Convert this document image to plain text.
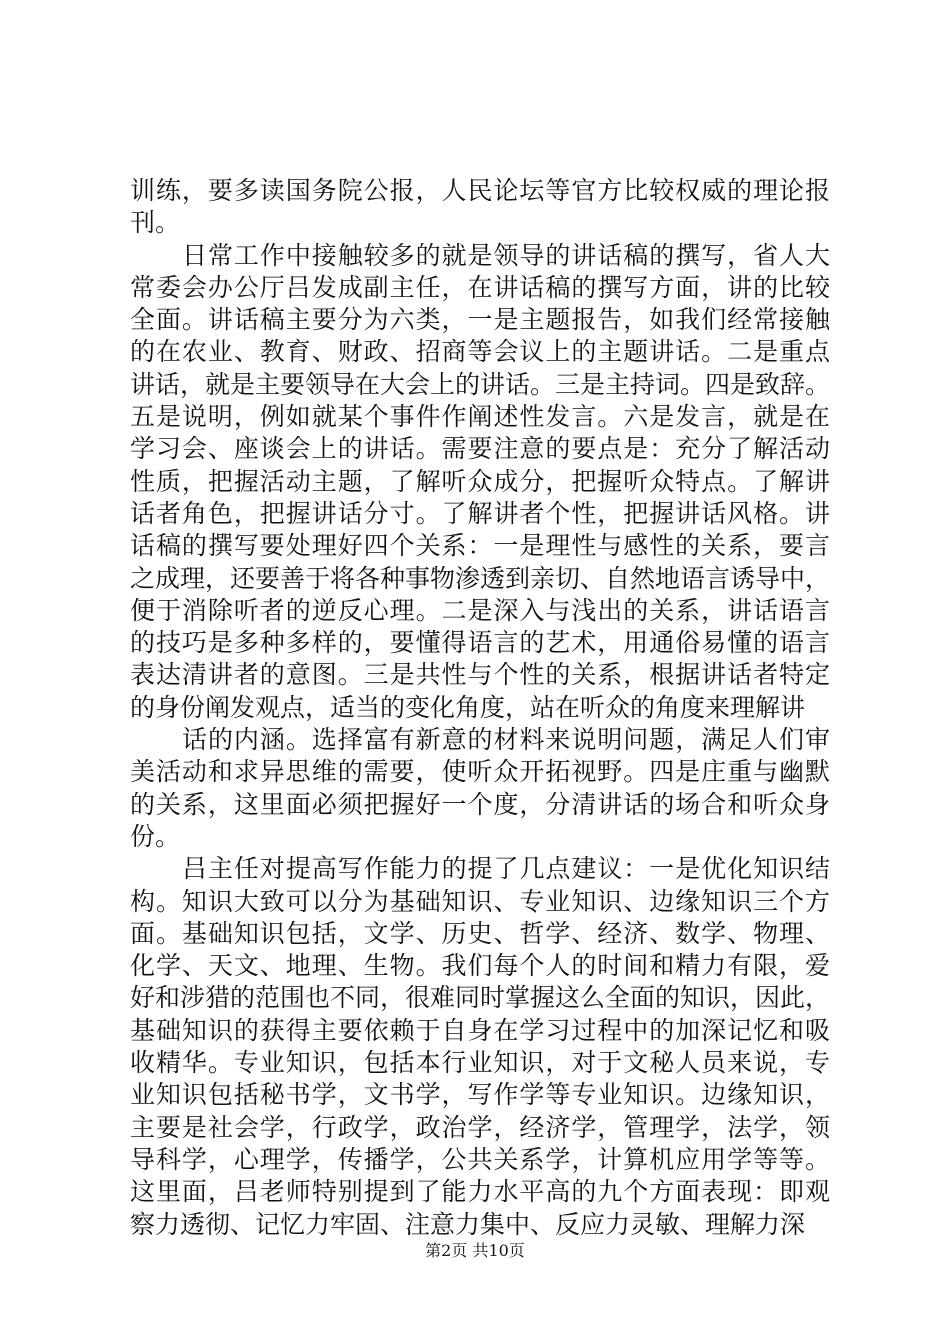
训练，要多读国务院公报，人民论坛等官方比较权威的理论报
刊。
日常工作中接触较多的就是领导的讲话稿的撰写，省人大
常委会办公厅吕发成副主任，在讲话稿的撰写方面，讲的比较
全面。讲话稿主要分为六类，一是主题报告，如我们经常接触
的在农业、教育、财政、招商等会议上的主题讲话。二是重点
讲话，就是主要领导在大会上的讲话。三是主持词。四是致辞。
五是说明，例如就某个事件作阐述性发言。六是发言，就是在
学习会、座谈会上的讲话。需要注意的要点是：充分了解活动
性质，把握活动主题，了解听众成分，把握听众特点。了解讲
话者角色，把握讲话分寸。了解讲者个性，把握讲话风格。讲
话稿的撰写要处理好四个关系：一是理性与感性的关系，要言
之成理，还要善于将各种事物渗透到亲切、自然地语言诱导中，
便于消除听者的逆反心理。二是深入与浅出的关系，讲话语言
的技巧是多种多样的，要懂得语言的艺术，用通俗易懂的语言
表达清讲者的意图。三是共性与个性的关系，根据讲话者特定
的身份阐发观点，适当的变化角度，站在听众的角度来理解讲
话的内涵。选择富有新意的材料来说明问题，满足人们审
美活动和求异思维的需要，使听众开拓视野。四是庄重与幽默
的关系，这里面必须把握好一个度，分清讲话的场合和听众身
份。
吕主任对提高写作能力的提了几点建议：一是优化知识结
构。知识大致可以分为基础知识、专业知识、边缘知识三个方
面。基础知识包括，文学、历史、哲学、经济、数学、物理、
化学、天文、地理、生物。我们每个人的时间和精力有限，爱
好和涉猎的范围也不同，很难同时掌握这么全面的知识，因此，
基础知识的获得主要依赖于自身在学习过程中的加深记忆和吸
收精华。专业知识，包括本行业知识，对于文秘人员来说，专
业知识包括秘书学，文书学，写作学等专业知识。边缘知识，
主要是社会学，行政学，政治学，经济学，管理学，法学，领
导科学，心理学，传播学，公共关系学，计算机应用学等等。
这里面，吕老师特别提到了能力水平高的九个方面表现：即观
察力透彻、记忆力牢固、注意力集中、反应力灵敏、理解力深
第2页 共10页
